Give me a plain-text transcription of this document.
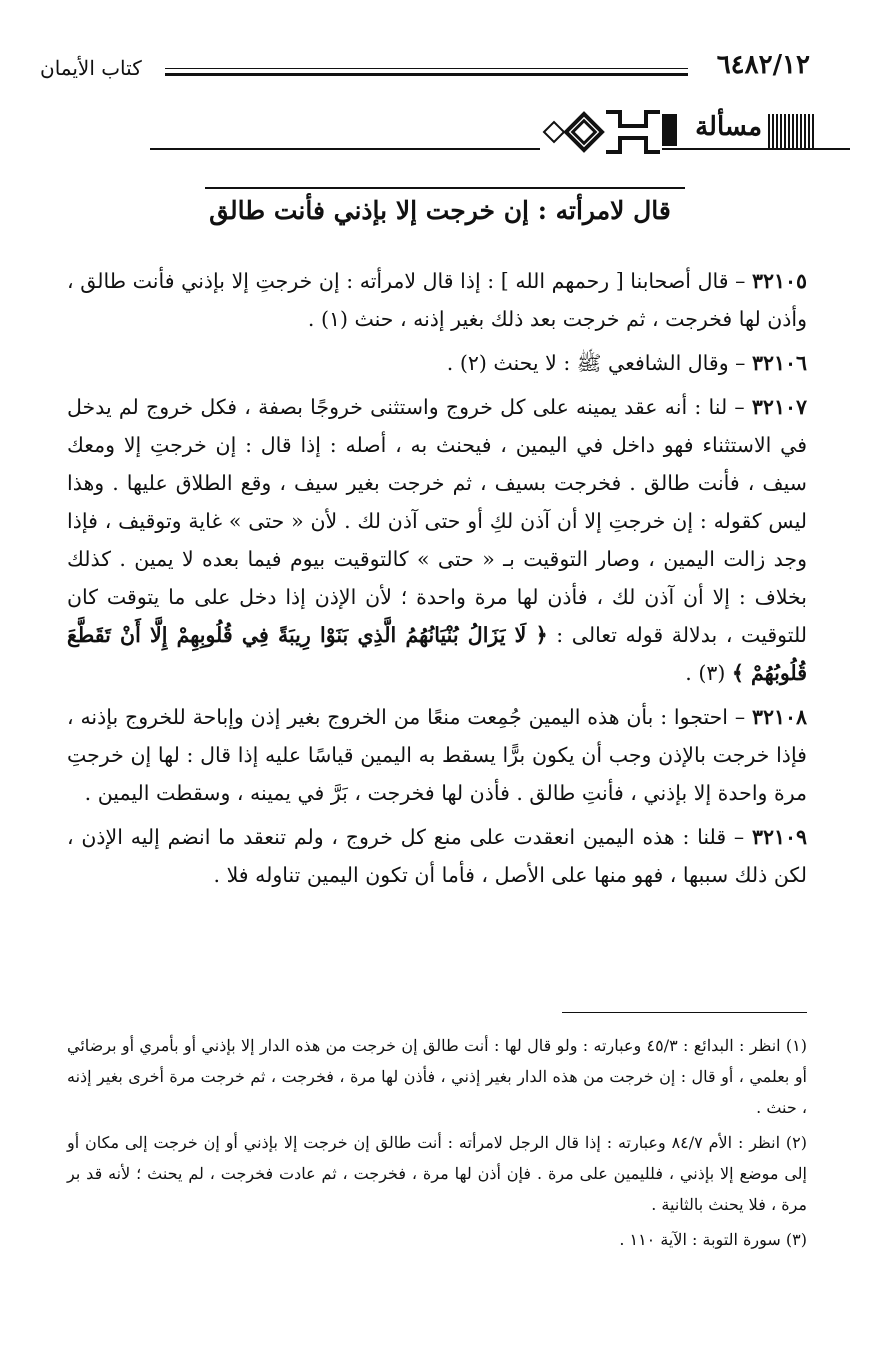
٦٤٨٢/١٢
كتاب الأيمان
مسألة
قال لامرأته : إن خرجت إلا بإذني فأنت طالق

٣٢١٠٥ – قال أصحابنا [ رحمهم الله ] : إذا قال لامرأته : إن خرجتِ إلا بإذني فأنت طالق ، وأذن لها فخرجت ، ثم خرجت بعد ذلك بغير إذنه ، حنث (١) .

٣٢١٠٦ – وقال الشافعي ﷺ : لا يحنث (٢) .

٣٢١٠٧ – لنا : أنه عقد يمينه على كل خروج واستثنى خروجًا بصفة ، فكل خروج لم يدخل في الاستثناء فهو داخل في اليمين ، فيحنث به ، أصله : إذا قال : إن خرجتِ إلا ومعك سيف ، فأنت طالق . فخرجت بسيف ، ثم خرجت بغير سيف ، وقع الطلاق عليها . وهذا ليس كقوله : إن خرجتِ إلا أن آذن لكِ أو حتى آذن لك . لأن « حتى » غاية وتوقيف ، فإذا وجد زالت اليمين ، وصار التوقيت بـ « حتى » كالتوقيت بيوم فيما بعده لا يمين . كذلك بخلاف : إلا أن آذن لك ، فأذن لها مرة واحدة ؛ لأن الإذن إذا دخل على ما يتوقت كان للتوقيت ، بدلالة قوله تعالى : ﴿ لَا يَزَالُ بُنْيَانُهُمُ الَّذِي بَنَوْا رِيبَةً فِي قُلُوبِهِمْ إِلَّا أَنْ تَقَطَّعَ قُلُوبُهُمْ ﴾ (٣) .

٣٢١٠٨ – احتجوا : بأن هذه اليمين جُمِعت منعًا من الخروج بغير إذن وإباحة للخروج بإذنه ، فإذا خرجت بالإذن وجب أن يكون برًّا يسقط به اليمين قياسًا عليه إذا قال : لها إن خرجتِ مرة واحدة إلا بإذني ، فأنتِ طالق . فأذن لها فخرجت ، بَرَّ في يمينه ، وسقطت اليمين .

٣٢١٠٩ – قلنا : هذه اليمين انعقدت على منع كل خروج ، ولم تنعقد ما انضم إليه الإذن ، لكن ذلك سببها ، فهو منها على الأصل ، فأما أن تكون اليمين تناوله فلا .

(١) انظر : البدائع : ٤٥/٣ وعبارته : ولو قال لها : أنت طالق إن خرجت من هذه الدار إلا بإذني أو بأمري أو برضائي أو بعلمي ، أو قال : إن خرجت من هذه الدار بغير إذني ، فأذن لها مرة ، فخرجت ، ثم خرجت مرة أخرى بغير إذنه ، حنث .

(٢) انظر : الأم ٨٤/٧ وعبارته : إذا قال الرجل لامرأته : أنت طالق إن خرجت إلا بإذني أو إن خرجت إلى مكان أو إلى موضع إلا بإذني ، فلليمين على مرة . فإن أذن لها مرة ، فخرجت ، ثم عادت فخرجت ، لم يحنث ؛ لأنه قد بر مرة ، فلا يحنث بالثانية .

(٣) سورة التوبة : الآية ١١٠ .
